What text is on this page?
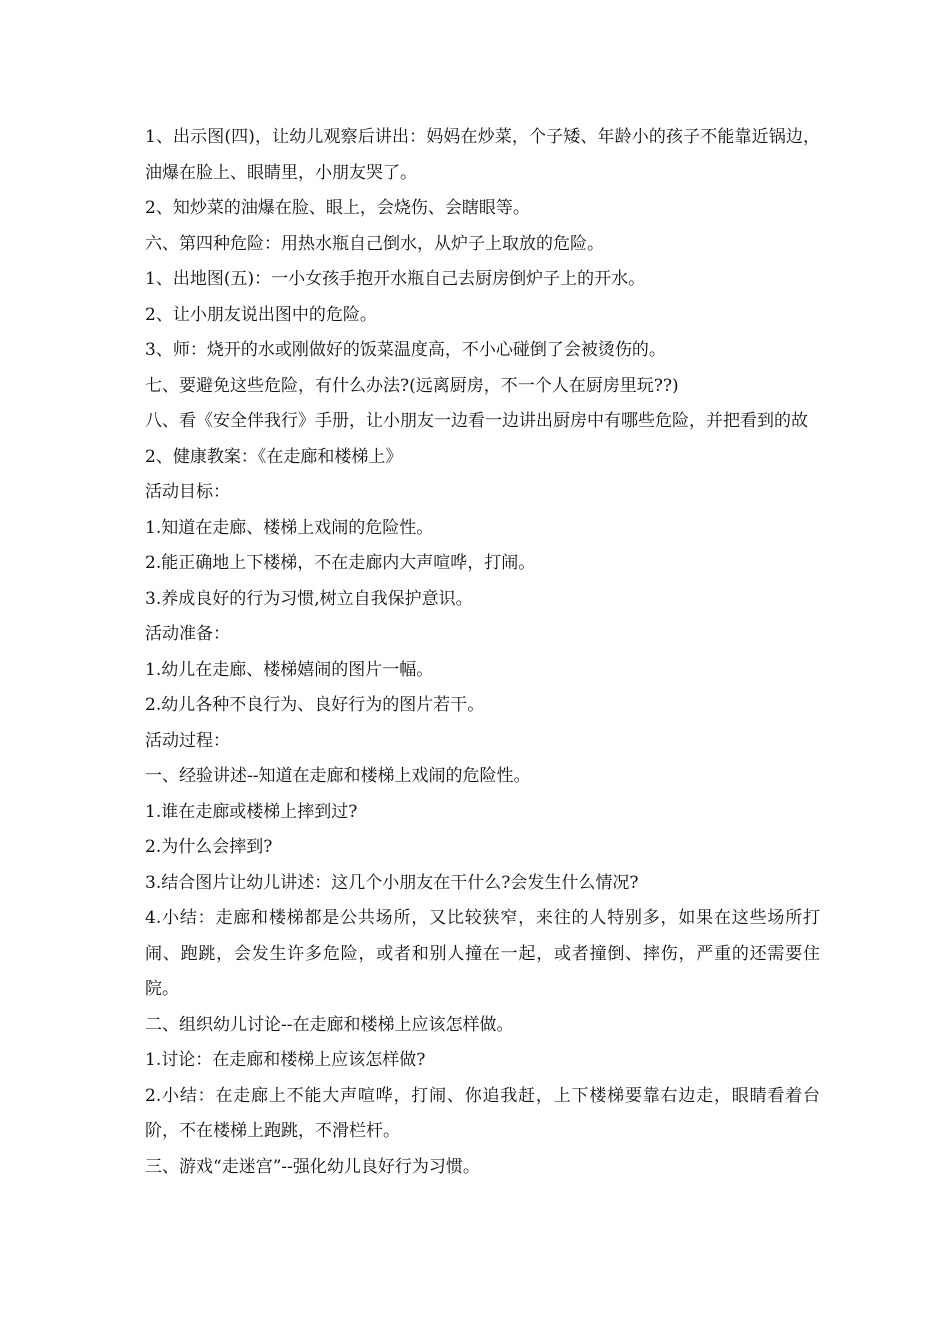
1、出示图(四)，让幼儿观察后讲出：妈妈在炒菜，个子矮、年龄小的孩子不能靠近锅边，油爆在脸上、眼睛里，小朋友哭了。

2、知炒菜的油爆在脸、眼上，会烧伤、会瞎眼等。

六、第四种危险：用热水瓶自己倒水，从炉子上取放的危险。

1、出地图(五)：一小女孩手抱开水瓶自己去厨房倒炉子上的开水。

2、让小朋友说出图中的危险。

3、师：烧开的水或刚做好的饭菜温度高，不小心碰倒了会被烫伤的。

七、要避免这些危险，有什么办法?(远离厨房，不一个人在厨房里玩??)

八、看《安全伴我行》手册，让小朋友一边看一边讲出厨房中有哪些危险，并把看到的故

2、健康教案：《在走廊和楼梯上》

活动目标：

1.知道在走廊、楼梯上戏闹的危险性。

2.能正确地上下楼梯，不在走廊内大声喧哗，打闹。

3.养成良好的行为习惯,树立自我保护意识。

活动准备：

1.幼儿在走廊、楼梯嬉闹的图片一幅。

2.幼儿各种不良行为、良好行为的图片若干。

活动过程：

一、经验讲述--知道在走廊和楼梯上戏闹的危险性。

1.谁在走廊或楼梯上摔到过?

2.为什么会摔到?

3.结合图片让幼儿讲述：这几个小朋友在干什么?会发生什么情况?

4.小结：走廊和楼梯都是公共场所，又比较狭窄，来往的人特别多，如果在这些场所打闹、跑跳，会发生许多危险，或者和别人撞在一起，或者撞倒、摔伤，严重的还需要住院。

二、组织幼儿讨论--在走廊和楼梯上应该怎样做。

1.讨论：在走廊和楼梯上应该怎样做?

2.小结：在走廊上不能大声喧哗，打闹、你追我赶，上下楼梯要靠右边走，眼睛看着台阶，不在楼梯上跑跳，不滑栏杆。

三、游戏“走迷宫”--强化幼儿良好行为习惯。
